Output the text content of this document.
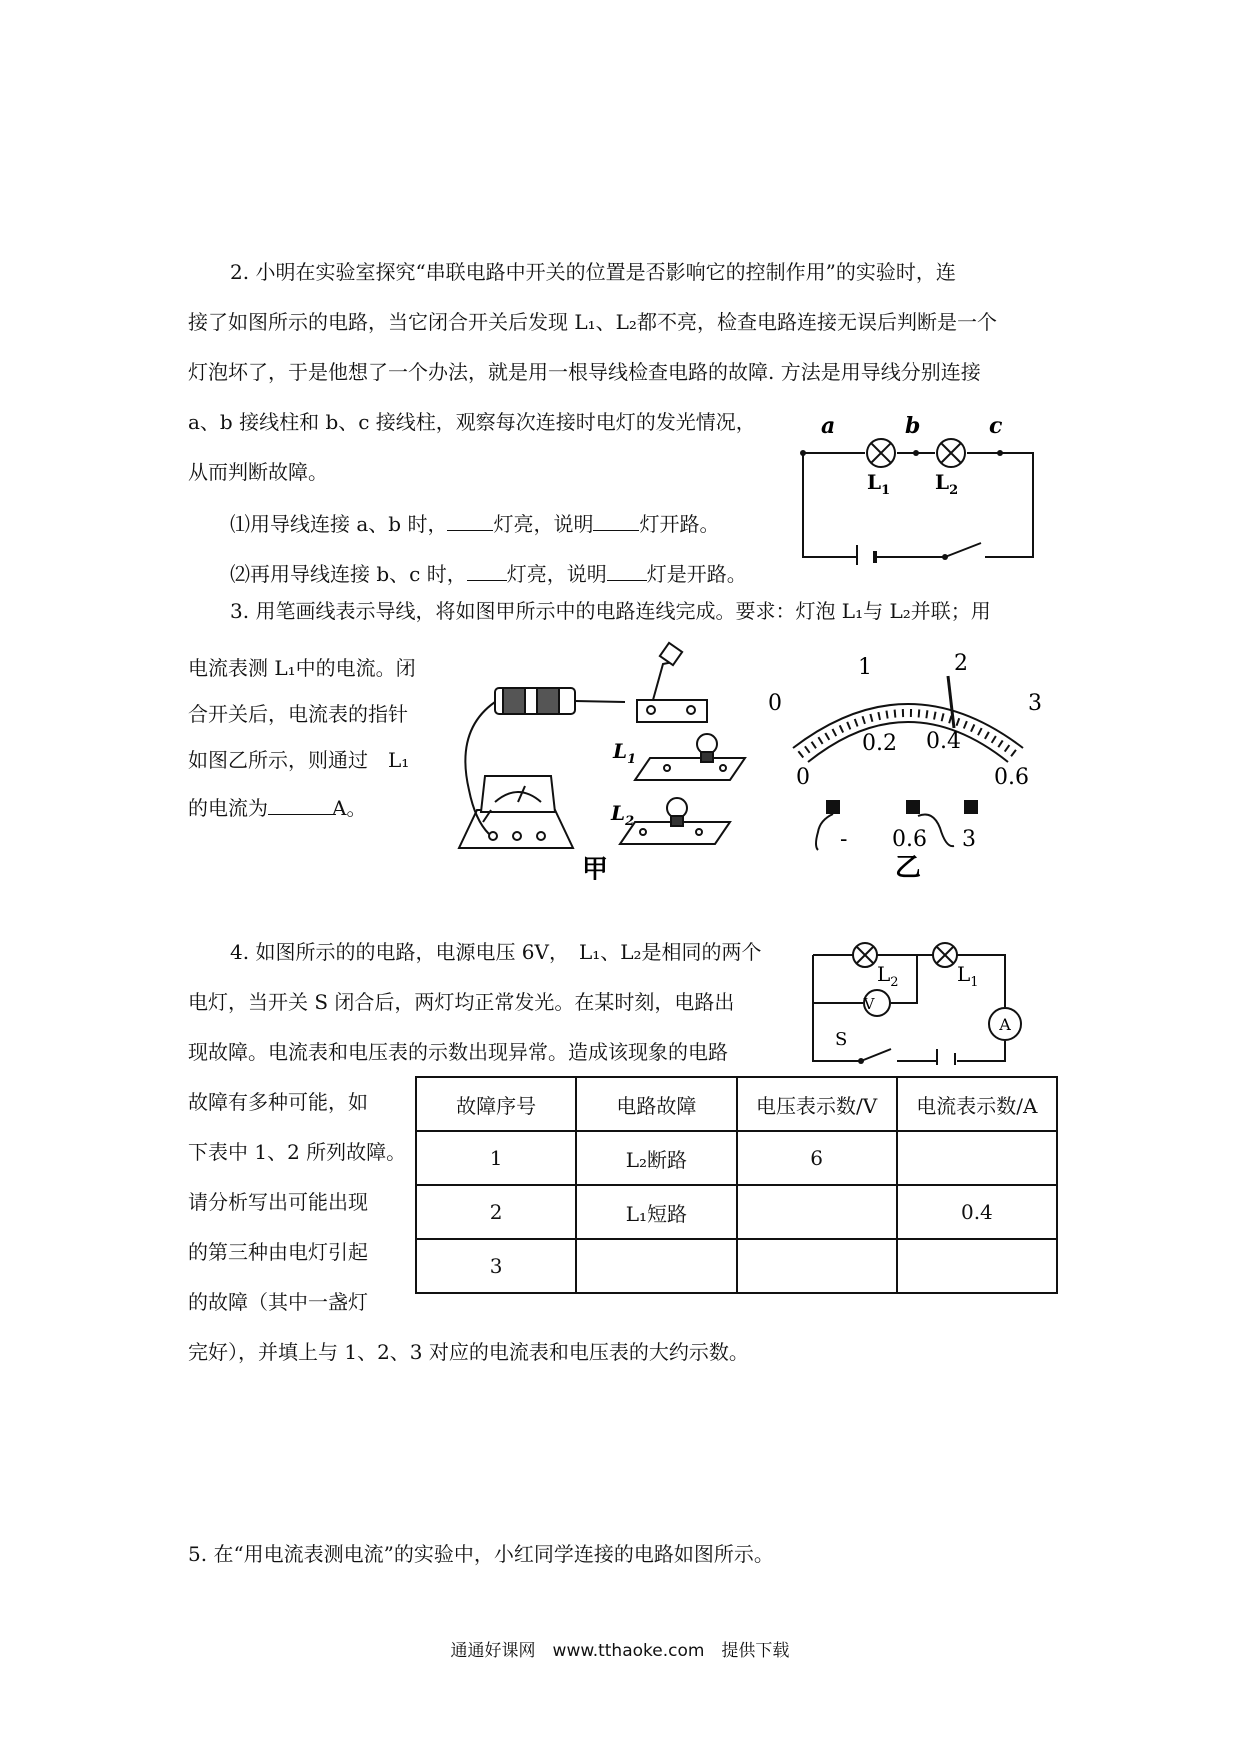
2. 小明在实验室探究“串联电路中开关的位置是否影响它的控制作用”的实验时，连
接了如图所示的电路，当它闭合开关后发现 L₁、L₂都不亮，检查电路连接无误后判断是一个
灯泡坏了，于是他想了一个办法，就是用一根导线检查电路的故障. 方法是用导线分别连接
a、b 接线柱和 b、c 接线柱，观察每次连接时电灯的发光情况，
从而判断故障。
⑴用导线连接 a、b 时， 灯亮，说明 灯开路。
⑵再用导线连接 b、c 时， 灯亮，说明 灯是开路。
a	b	c
$L_1$ $L_2$
3. 用笔画线表示导线，将如图甲所示中的电路连线完成。要求：灯泡 L₁与 L₂并联；用
电流表测 L₁中的电流。闭
合开关后，电流表的指针
如图乙所示，则通过　L₁
的电流为	A。
$L_1$
$L_2$
甲
0
1	2
3
0
0.2 0.4
0.6
- 0.6 3
乙
4. 如图所示的的电路，电源电压 6V，　L₁、L₂是相同的两个
电灯，当开关 S 闭合后，两灯均正常发光。在某时刻，电路出
现故障。电流表和电压表的示数出现异常。造成该现象的电路
故障有多种可能，如
下表中 1、2 所列故障。
请分析写出可能出现
的第三种由电灯引起
的故障（其中一盏灯
完好），并填上与 1、2、3 对应的电流表和电压表的大约示数。
V
A
$L_2$	$L_1$
S
故障序号	电路故障	电压表示数/V	电流表示数/A
1	L₂断路	6	
2	L₁短路		0.4
3			
5. 在“用电流表测电流”的实验中，小红同学连接的电路如图所示。
通通好课网　www.tthaoke.com　提供下载
